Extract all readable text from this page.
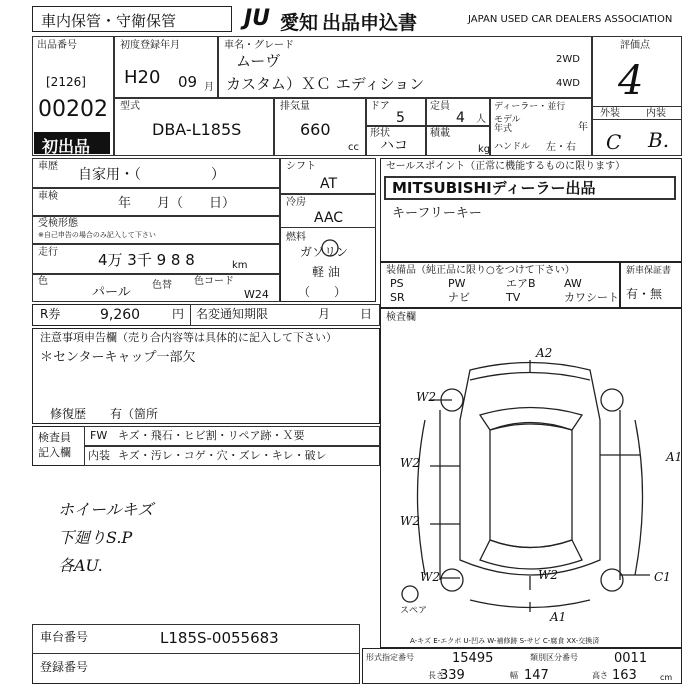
車内保管・守衛保管	JU 愛知 出品申込書	JAPAN USED CAR DEALERS ASSOCIATION
出品番号
[2126]
00202
初出品
初度登録年月
H20 09 月
車名・グレード
ムーヴ
カスタム）ＸＣ エディション
2WD
4WD
評価点
4
外装	内装
C B.
型式
DBA-L185S
排気量
660
cc
ドア
5
定員
4 人
形状
ハコ
積載
kg
ディーラー・並行
モデル
年式	年
ハンドル 左・右
車歴
自家用・（　　　　　）
車検	年　　月（　　日）
受検形態
※自己申告の場合のみ記入して下さい
走行	4万 3千 9 8 8	km
色
パール 色替 色コード
W24
シフト
AT
冷房
AAC
燃料
ガソリン
軽 油
（　　）
セールスポイント（正常に機能するものに限ります）
MITSUBISHIディーラー出品
キーフリーキー
装備品（純正品に限り○をつけて下さい）
PS	PW	エアB	AW
SR	ナビ	TV	カワシート
新車保証書
有・無
R券	9,260	円 名変通知期限	月 日
注意事項申告欄（売り合内容等は具体的に記入して下さい）
＊センターキャップ一部欠
修復歴　　有（箇所
検査員
記入欄
FW キズ・飛石・ヒビ割・リペア跡・Ｘ要
内装 キズ・汚レ・コゲ・穴・ズレ・キレ・破レ
ホイールキズ
下廻りS.P
各AU.
検査欄
A2
W2
W2	A1
W2
W2	W2	C1
A1
スペア
A-キズ E-エクボ U-凹み W-補修跡 S-サビ C-腐食 XX-交換済
車台番号	L185S-0055683
登録番号
形式指定番号	15495	類別区分番号	0011
長さ
339	幅 147	高さ 163	cm
